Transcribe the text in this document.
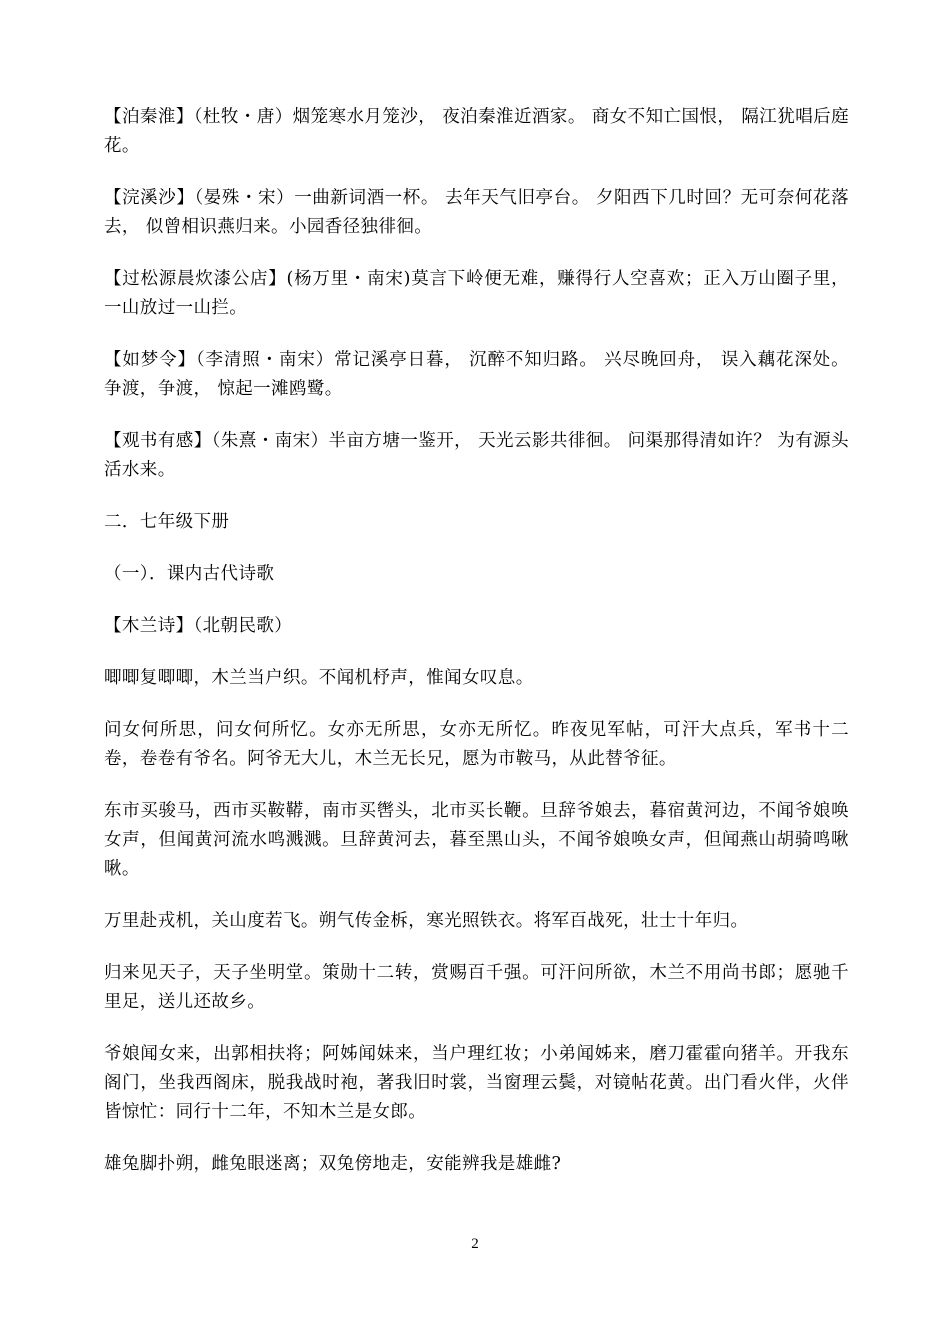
【泊秦淮】（杜牧・唐）烟笼寒水月笼沙， 夜泊秦淮近酒家。 商女不知亡国恨， 隔江犹唱后庭花。

【浣溪沙】（晏殊・宋）一曲新词酒一杯。 去年天气旧亭台。 夕阳西下几时回？无可奈何花落去， 似曾相识燕归来。小园香径独徘徊。

【过松源晨炊漆公店】(杨万里・南宋)莫言下岭便无难，赚得行人空喜欢；正入万山圈子里，一山放过一山拦。

【如梦令】（李清照・南宋）常记溪亭日暮， 沉醉不知归路。 兴尽晚回舟， 误入藕花深处。 争渡，争渡， 惊起一滩鸥鹭。

【观书有感】（朱熹・南宋）半亩方塘一鉴开， 天光云影共徘徊。 问渠那得清如许？ 为有源头活水来。

二．七年级下册

（一）．课内古代诗歌

【木兰诗】（北朝民歌）

唧唧复唧唧，木兰当户织。不闻机杼声，惟闻女叹息。

问女何所思，问女何所忆。女亦无所思，女亦无所忆。昨夜见军帖，可汗大点兵，军书十二卷，卷卷有爷名。阿爷无大儿，木兰无长兄，愿为市鞍马，从此替爷征。

东市买骏马，西市买鞍鞯，南市买辔头，北市买长鞭。旦辞爷娘去，暮宿黄河边，不闻爷娘唤女声，但闻黄河流水鸣溅溅。旦辞黄河去，暮至黑山头，不闻爷娘唤女声，但闻燕山胡骑鸣啾啾。

万里赴戎机，关山度若飞。朔气传金柝，寒光照铁衣。将军百战死，壮士十年归。

归来见天子，天子坐明堂。策勋十二转，赏赐百千强。可汗问所欲，木兰不用尚书郎；愿驰千里足，送儿还故乡。

爷娘闻女来，出郭相扶将；阿姊闻妹来，当户理红妆；小弟闻姊来，磨刀霍霍向猪羊。开我东阁门，坐我西阁床，脱我战时袍，著我旧时裳，当窗理云鬓，对镜帖花黄。出门看火伴，火伴皆惊忙：同行十二年，不知木兰是女郎。

雄兔脚扑朔，雌兔眼迷离；双兔傍地走，安能辨我是雄雌?

2
